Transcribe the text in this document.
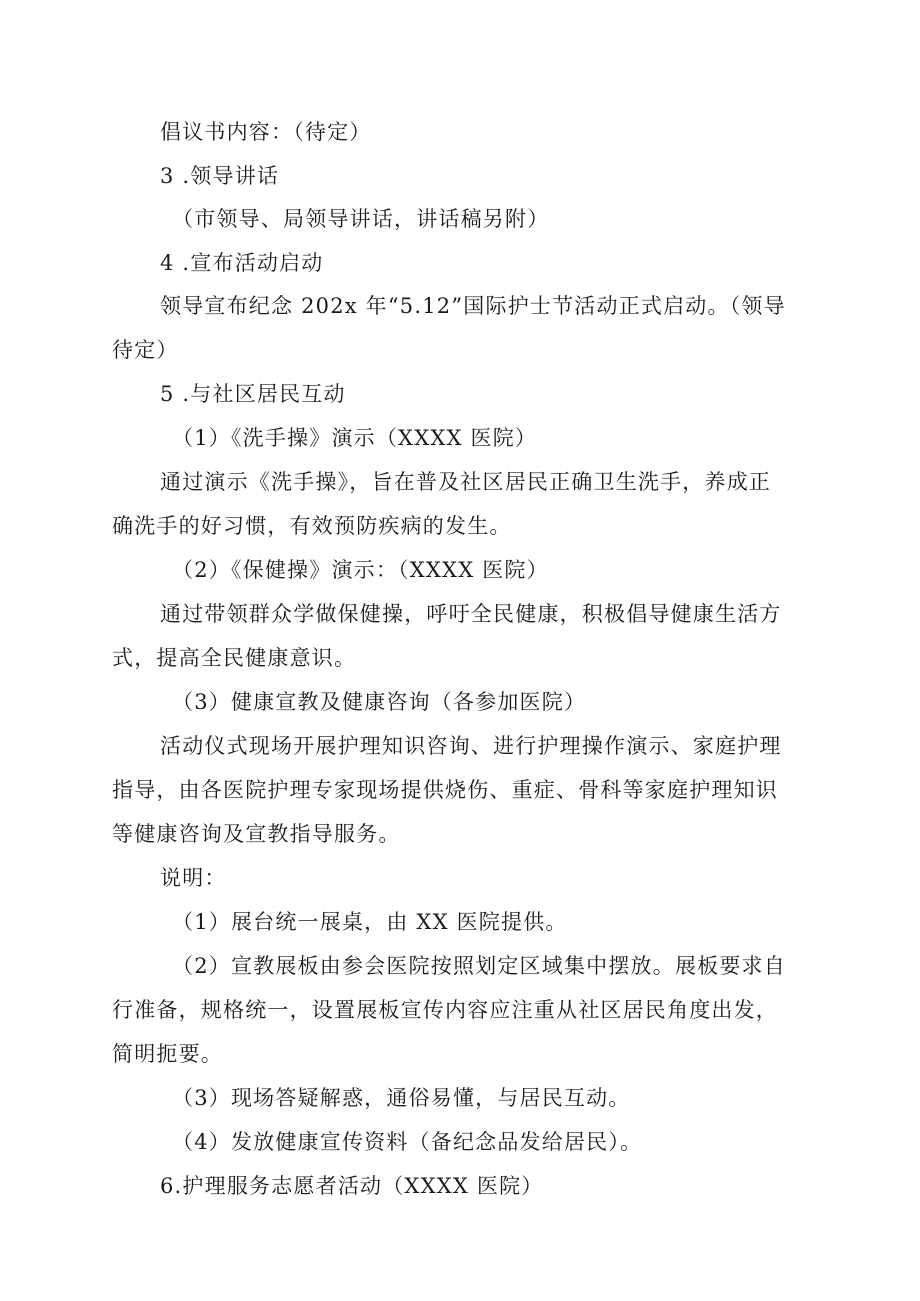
倡议书内容：（待定）
3 .领导讲话
（市领导、局领导讲话，讲话稿另附）
4 .宣布活动启动
领导宣布纪念 202x 年“5.12”国际护士节活动正式启动。（领导
待定）
5 .与社区居民互动
（1）《洗手操》演示（XXXX 医院）
通过演示《洗手操》，旨在普及社区居民正确卫生洗手，养成正
确洗手的好习惯，有效预防疾病的发生。
（2）《保健操》演示：（XXXX 医院）
通过带领群众学做保健操，呼吁全民健康，积极倡导健康生活方
式，提高全民健康意识。
（3）健康宣教及健康咨询（各参加医院）
活动仪式现场开展护理知识咨询、进行护理操作演示、家庭护理
指导，由各医院护理专家现场提供烧伤、重症、骨科等家庭护理知识
等健康咨询及宣教指导服务。
说明：
（1）展台统一展桌，由 XX 医院提供。
（2）宣教展板由参会医院按照划定区域集中摆放。展板要求自
行准备，规格统一，设置展板宣传内容应注重从社区居民角度出发，
简明扼要。
（3）现场答疑解惑，通俗易懂，与居民互动。
（4）发放健康宣传资料（备纪念品发给居民）。
6.护理服务志愿者活动（XXXX 医院）
